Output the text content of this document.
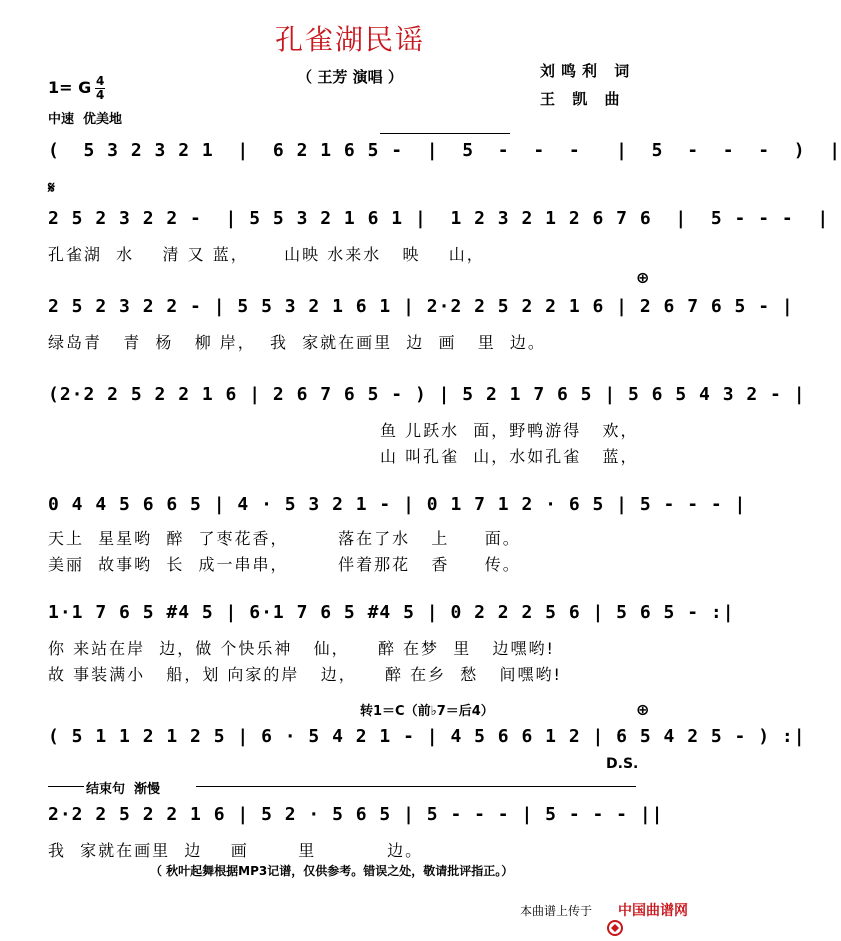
孔雀湖民谣
（ 王芳 演唱 ）	刘鸣利 词
王 凯 曲
1= G 4
4
中速  优美地
(  5 3 2 3 2 1  |  6 2 1 6 5 -  |  5  -  -  -   |  5  -  -  -  )  |
𝄋
2 5 2 3 2 2 -  | 5 5 3 2 1 6 1 |  1 2 3 2 1 2 6 7 6  |  5 - - -  |
孔雀湖  水    清 又 蓝，     山映 水来水   映    山，
⊕
2 5 2 3 2 2 - | 5 5 3 2 1 6 1 | 2·2 2 5 2 2 1 6 | 2 6 7 6 5 - |
绿岛青   青  杨   柳 岸，  我  家就在画里  边  画   里  边。
(2·2 2 5 2 2 1 6 | 2 6 7 6 5 - ) | 5 2 1 7 6 5 | 5 6 5 4 3 2 - |
鱼 儿跃水  面，野鸭游得   欢，
山 叫孔雀  山，水如孔雀   蓝，
0 4 4 5 6 6 5 | 4 · 5 3 2 1 - | 0 1 7 1 2 · 6 5 | 5 - - - |
天上  星星哟  醉  了枣花香，       落在了水   上     面。
美丽  故事哟  长  成一串串，       伴着那花   香     传。
1·1 7 6 5 #4 5 | 6·1 7 6 5 #4 5 | 0 2 2 2 5 6 | 5 6 5 - :|
你 来站在岸  边，做 个快乐神   仙，    醉 在梦  里   边嘿哟!
故 事装满小   船，划 向家的岸   边，    醉 在乡  愁   间嘿哟!
转1＝C（前♭7＝后4）	⊕
( 5 1 1 2 1 2 5 | 6 · 5 4 2 1 - | 4 5 6 6 1 2 | 6 5 4 2 5 - ) :|
D.S.
结束句  渐慢
2·2 2 5 2 2 1 6 | 5 2 · 5 6 5 | 5 - - - | 5 - - - ||
我  家就在画里  边    画       里          边。
（ 秋叶起舞根据MP3记谱，仅供参考。错误之处，敬请批评指正。）
本曲谱上传于

中国曲谱网
